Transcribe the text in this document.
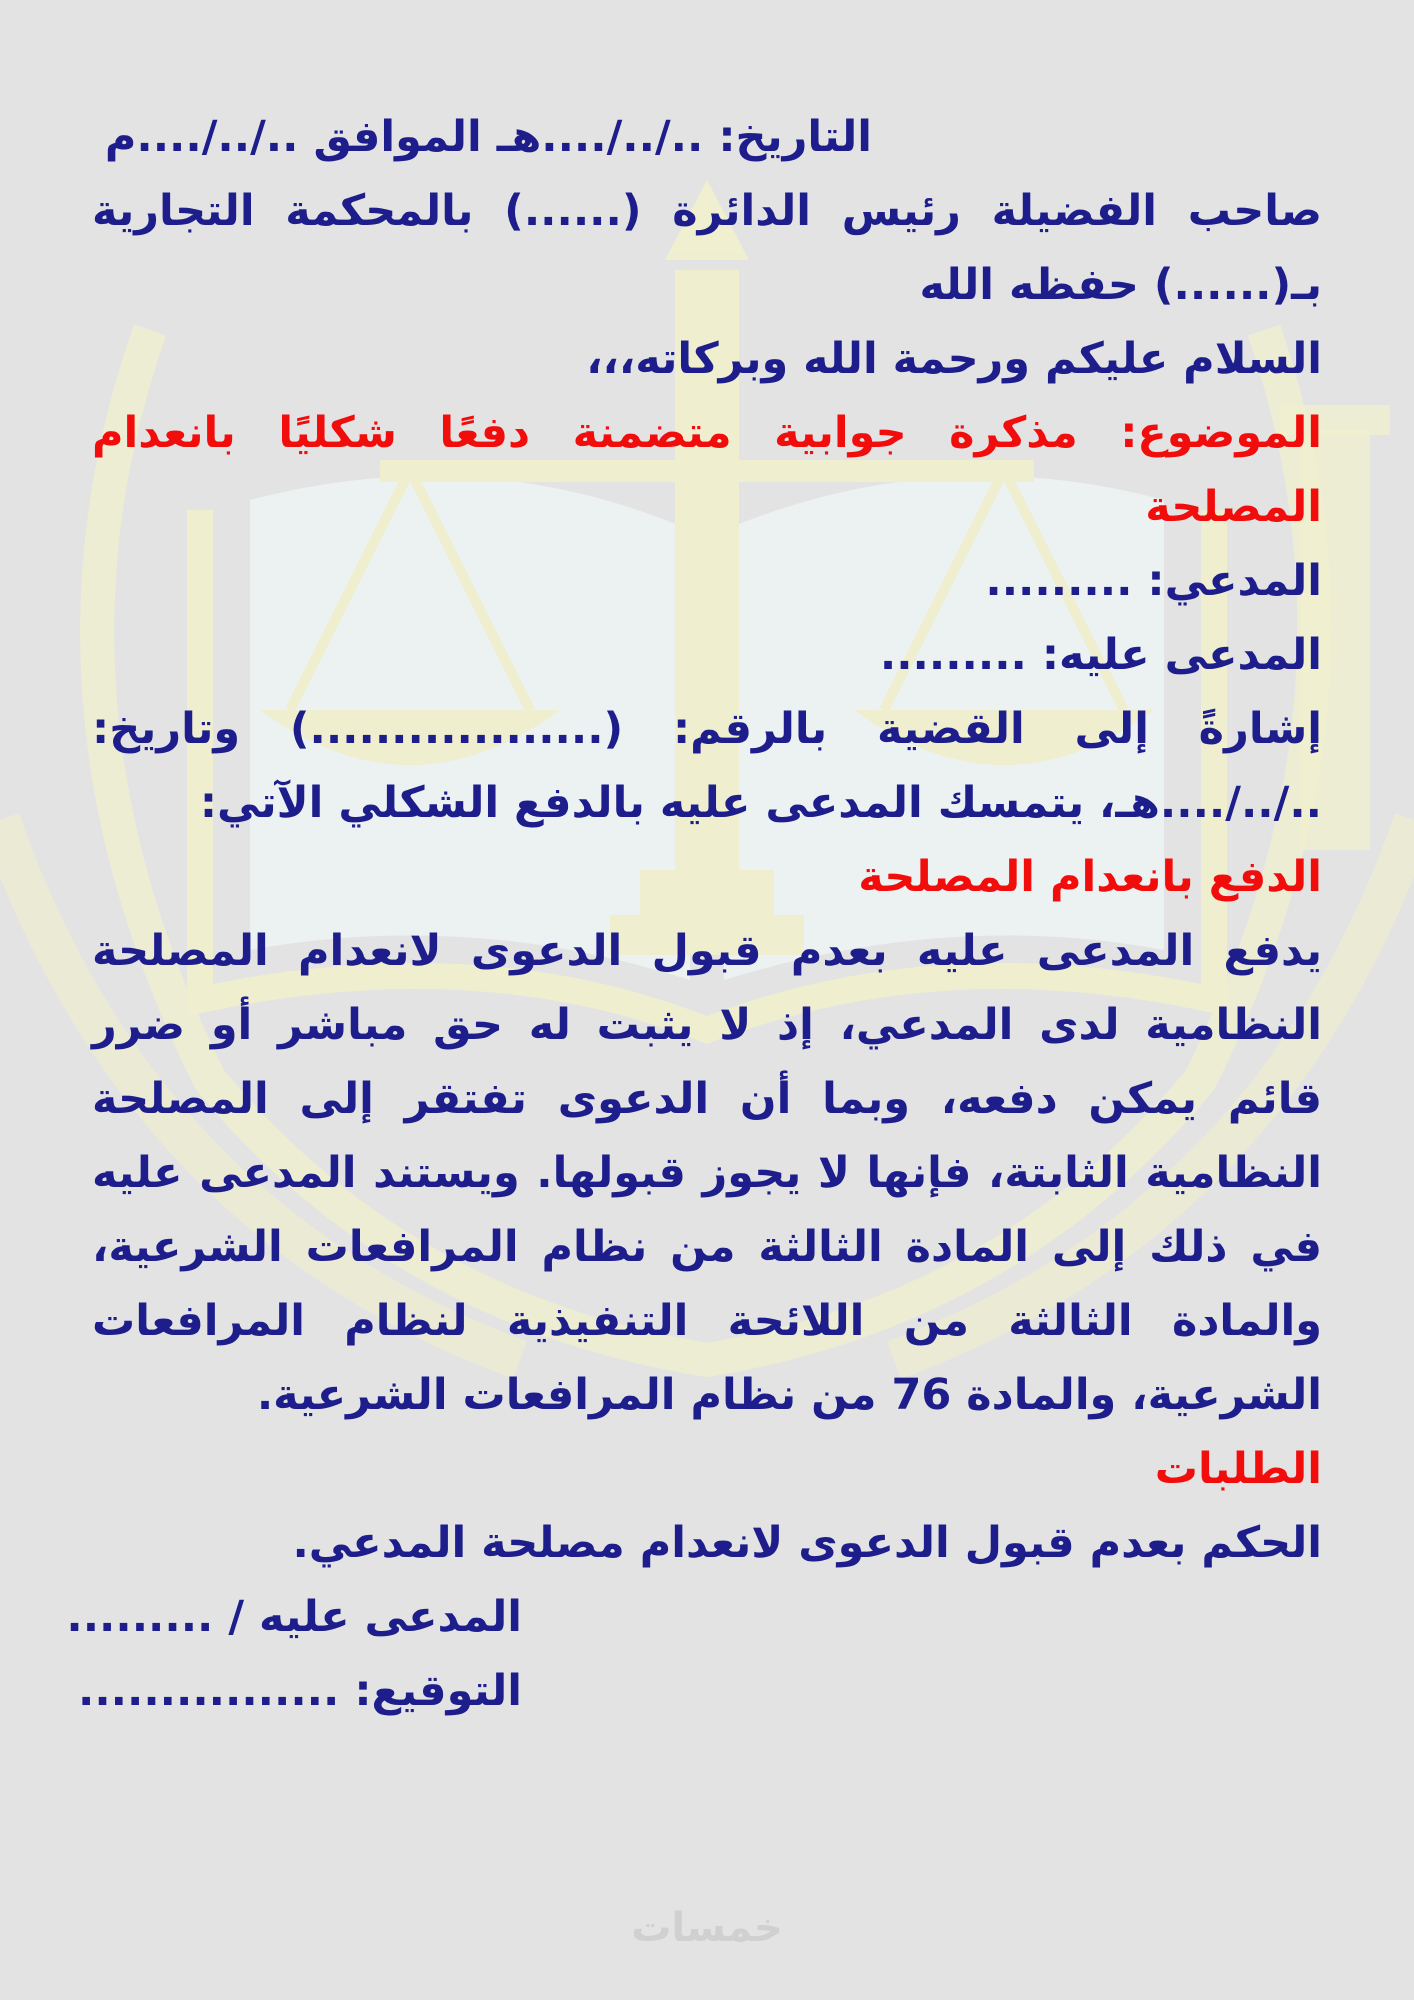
التاريخ: ../../....هـ الموافق ../../....م

صاحب الفضيلة رئيس الدائرة (......) بالمحكمة التجارية

بـ(......) حفظه الله

السلام عليكم ورحمة الله وبركاته،،،

الموضوع: مذكرة جوابية متضمنة دفعًا شكليًا بانعدام

المصلحة

المدعي: .........

المدعى عليه: .........

إشارةً إلى القضية بالرقم: (..................) وتاريخ:

../../....هـ، يتمسك المدعى عليه بالدفع الشكلي الآتي:

الدفع بانعدام المصلحة

يدفع المدعى عليه بعدم قبول الدعوى لانعدام المصلحة النظامية لدى المدعي، إذ لا يثبت له حق مباشر أو ضرر قائم يمكن دفعه، وبما أن الدعوى تفتقر إلى المصلحة النظامية الثابتة، فإنها لا يجوز قبولها. ويستند المدعى عليه في ذلك إلى المادة الثالثة من نظام المرافعات الشرعية، والمادة الثالثة من اللائحة التنفيذية لنظام المرافعات الشرعية، والمادة 76 من نظام المرافعات الشرعية.

الطلبات

الحكم بعدم قبول الدعوى لانعدام مصلحة المدعي.

المدعى عليه / .........

التوقيع: ................

خمسات
